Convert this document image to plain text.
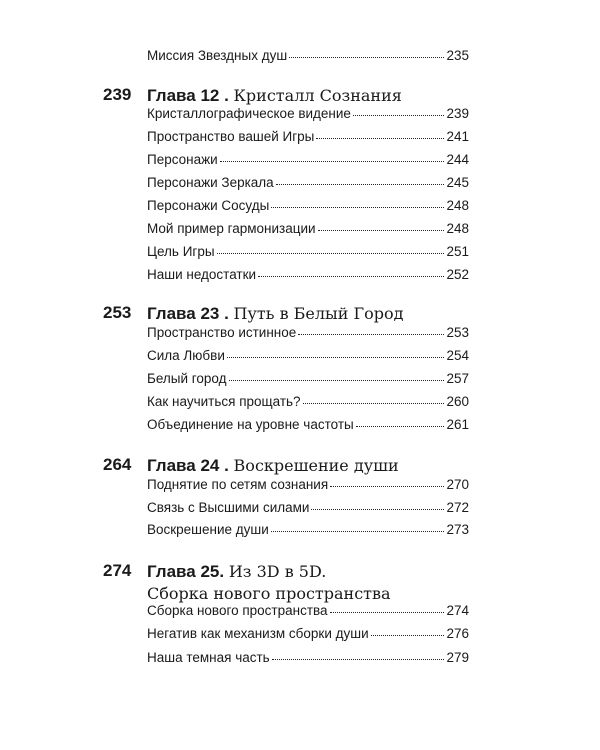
Миссия Звездных душ	235
239 Глава 12 . Кристалл Сознания
Кристаллографическое видение	239
Пространство вашей Игры	241
Персонажи	244
Персонажи Зеркала	245
Персонажи Сосуды	248
Мой пример гармонизации	248
Цель Игры	251
Наши недостатки	252
253 Глава 23 . Путь в Белый Город
Пространство истинное	253
Сила Любви	254
Белый город	257
Как научиться прощать?	260
Объединение на уровне частоты	261
264 Глава 24 . Воскрешение души
Поднятие по сетям сознания	270
Связь с Высшими силами	272
Воскрешение души	273
274 Глава 25. Из 3D в 5D.
Сборка нового пространства
Сборка нового пространства	274
Негатив как механизм сборки души	276
Наша темная часть	279
